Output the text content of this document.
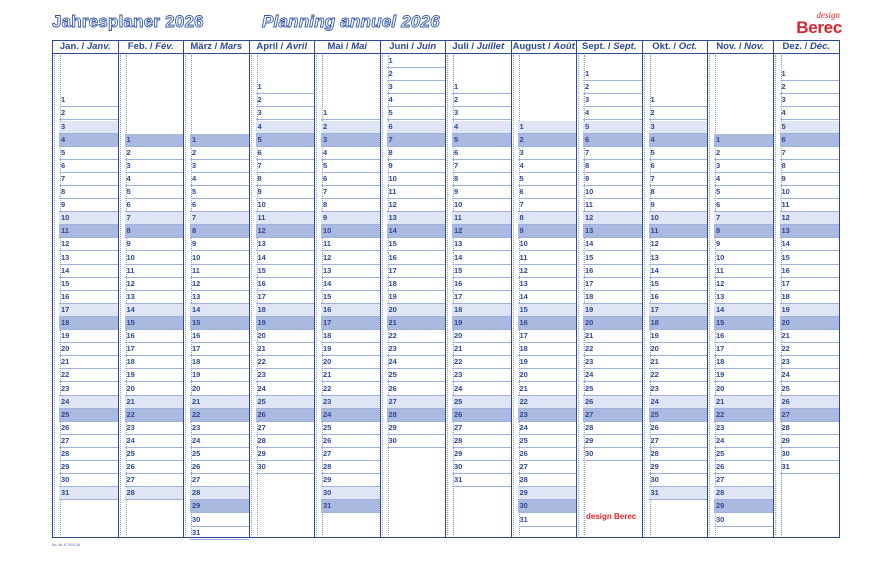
Jahresplaner 2026	Planning annuel 2026	design
Berec
Jan. / Janv.
1
2
3
4
5
6
7
8
9
10
11
12
13
14
15
16
17
18
19
20
21
22
23
24
25
26
27
28
29
30
31
Feb. / Fév.
1
2
3
4
5
6
7
8
9
10
11
12
13
14
15
16
17
18
19
20
21
22
23
24
25
26
27
28
März / Mars
1
2
3
4
5
6
7
8
9
10
11
12
13
14
15
16
17
18
19
20
21
22
23
24
25
26
27
28
29
30
31
April / Avril
1
2
3
4
5
6
7
8
9
10
11
12
13
14
15
16
17
18
19
20
21
22
23
24
25
26
27
28
29
30
Mai / Mai
1
2
3
4
5
6
7
8
9
10
11
12
13
14
15
16
17
18
19
20
21
22
23
24
25
26
27
28
29
30
31
Juni / Juin
1
2
3
4
5
6
7
8
9
10
11
12
13
14
15
16
17
18
19
20
21
22
23
24
25
26
27
28
29
30
Juli / Juillet
1
2
3
4
5
6
7
8
9
10
11
12
13
14
15
16
17
18
19
20
21
22
23
24
25
26
27
28
29
30
31
August / Août
1
2
3
4
5
6
7
8
9
10
11
12
13
14
15
16
17
18
19
20
21
22
23
24
25
26
27
28
29
30
31
Sept. / Sept.
1
2
3
4
5
6
7
8
9
10
11
12
13
14
15
16
17
18
19
20
21
22
23
24
25
26
27
28
29
30
Okt. / Oct.
1
2
3
4
5
6
7
8
9
10
11
12
13
14
15
16
17
18
19
20
21
22
23
24
25
26
27
28
29
30
31
Nov. / Nov.
1
2
3
4
5
6
7
8
9
10
11
12
13
14
15
16
17
18
19
20
21
22
23
24
25
26
27
28
29
30
Dez. / Déc.
1
2
3
4
5
6
7
8
9
10
11
12
13
14
15
16
17
18
19
20
21
22
23
24
25
26
27
28
29
30
31
Art.-Nr. 8-7015-26
design Berec
